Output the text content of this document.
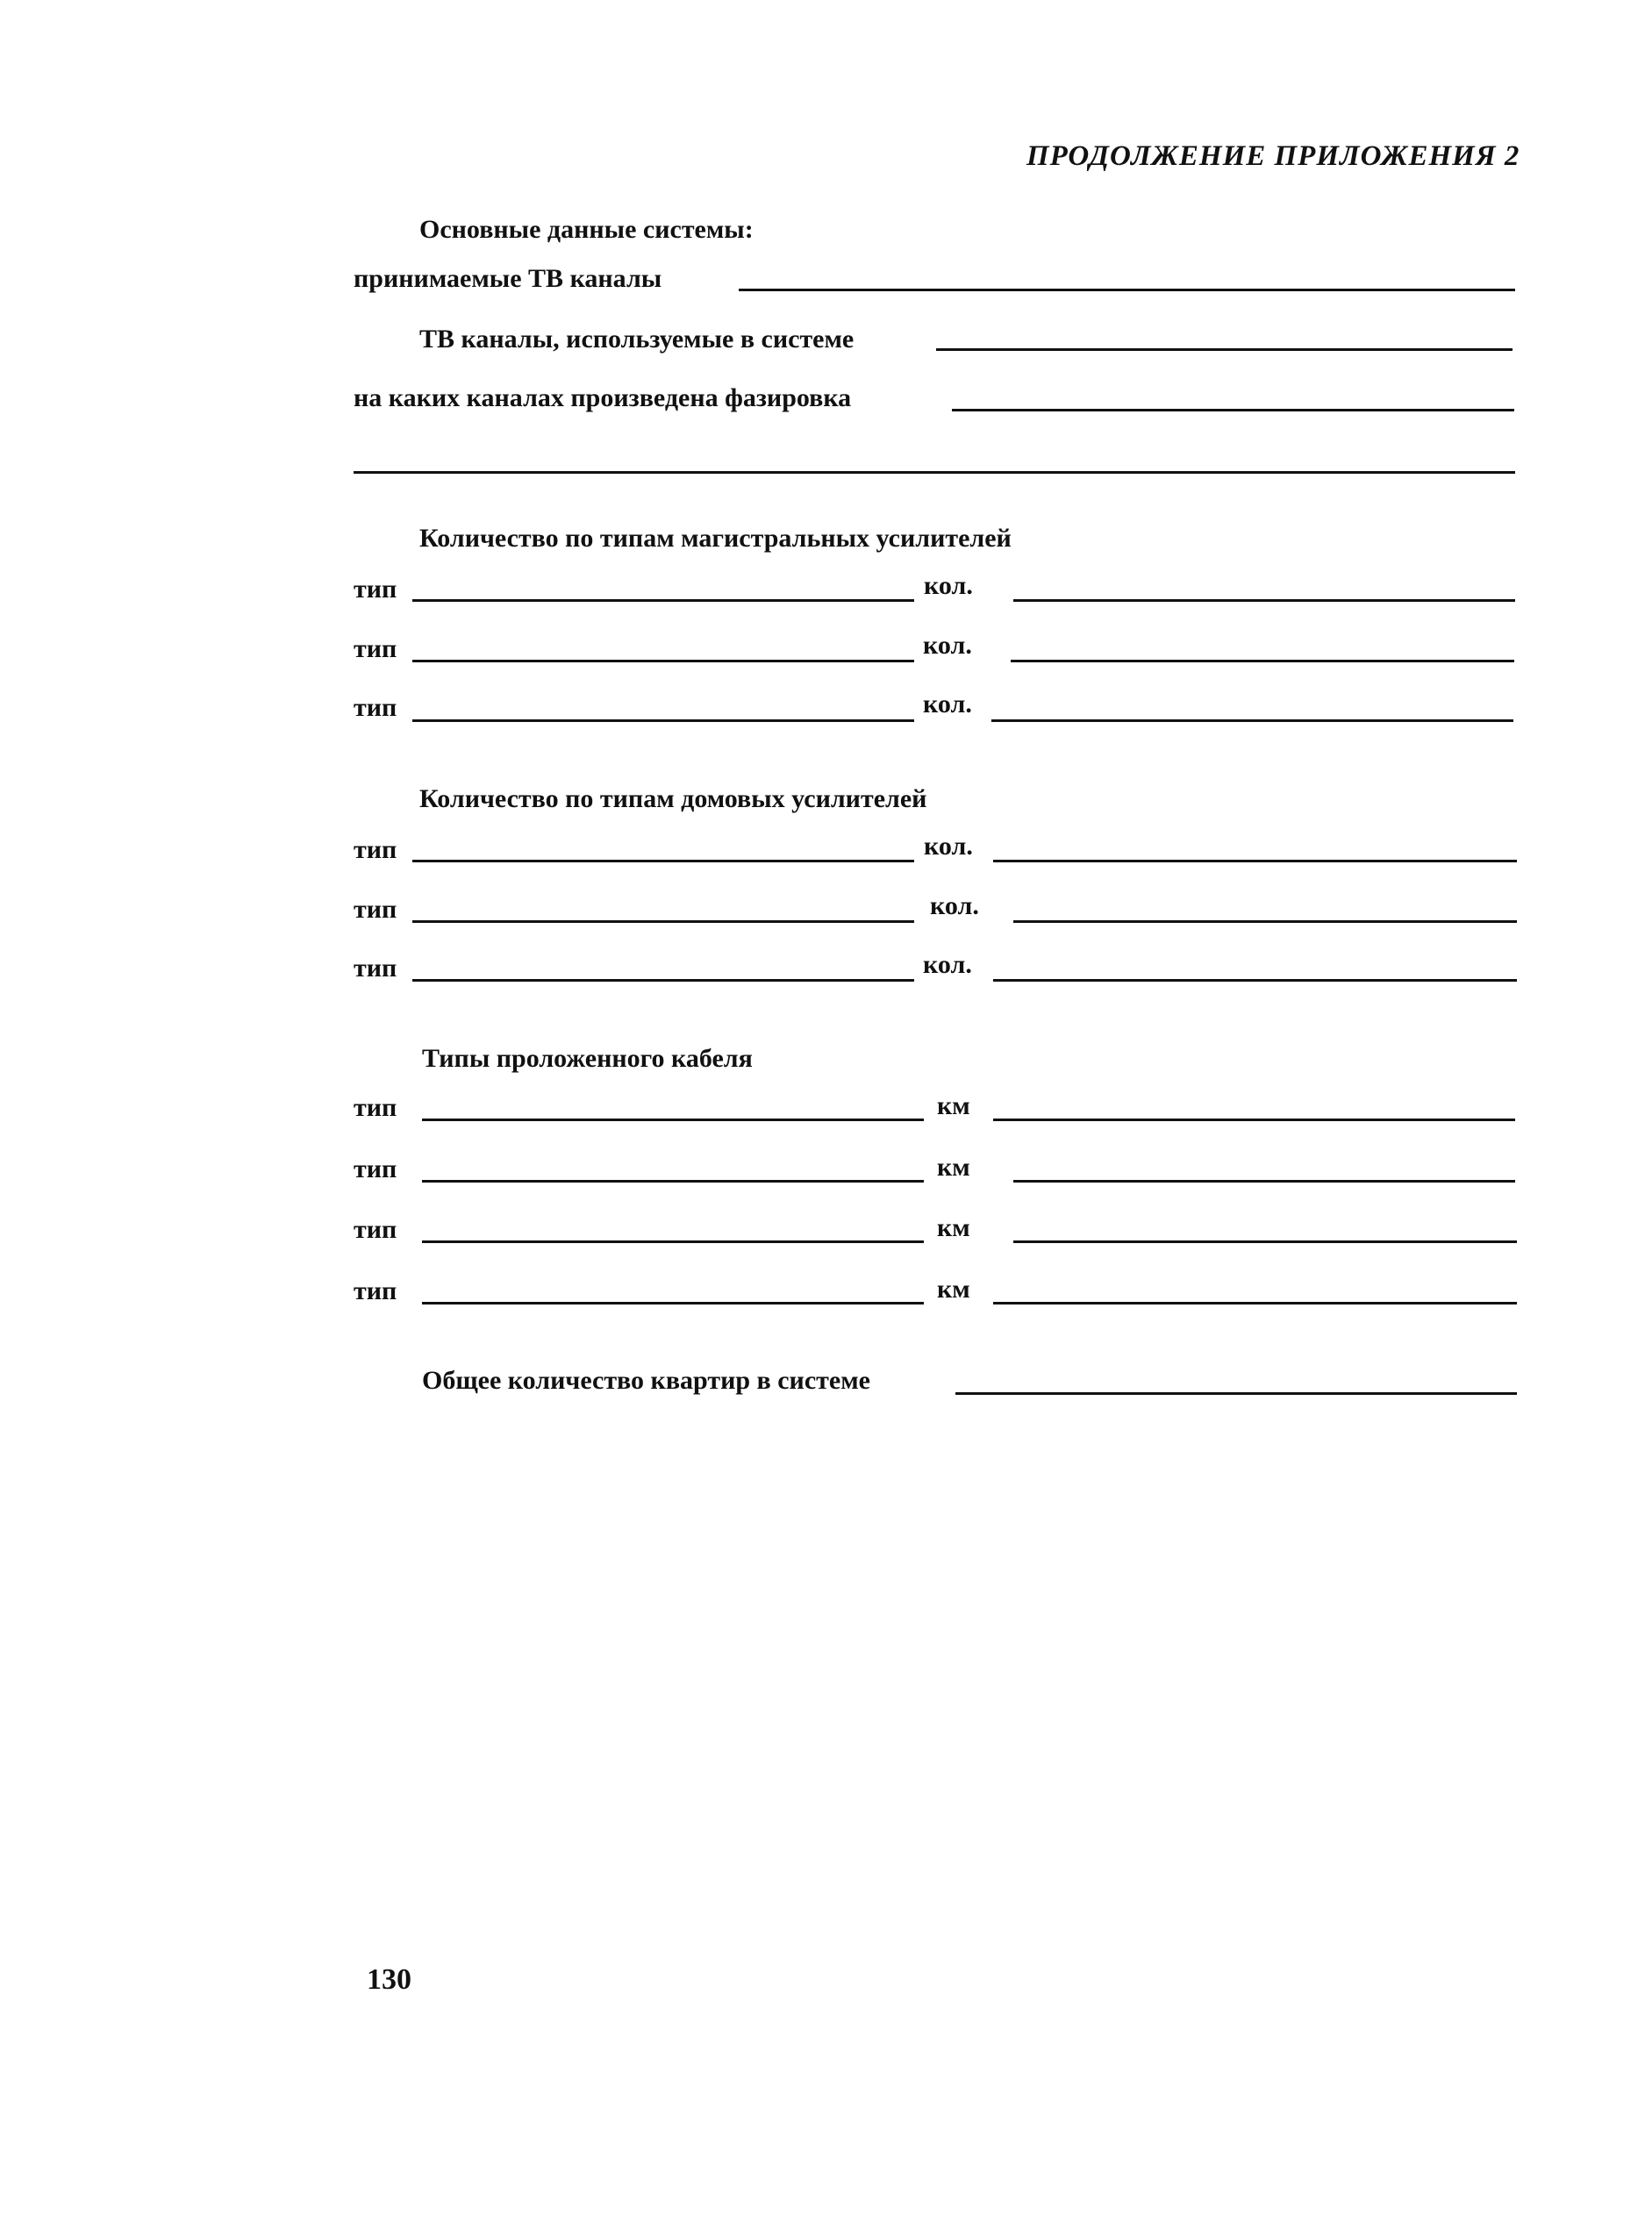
ПРОДОЛЖЕНИЕ ПРИЛОЖЕНИЯ 2
Основные данные системы:
принимаемые ТВ каналы
ТВ каналы, используемые в системе
на каких каналах произведена фазировка
Количество по типам магистральных усилителей
тип	кол.
тип	кол.
тип	кол.
Количество по типам домовых усилителей
тип	кол.
тип	кол.
тип	кол.
Типы проложенного кабеля
тип	км
тип	км
тип	км
тип	км
Общее количество квартир в системе
130
